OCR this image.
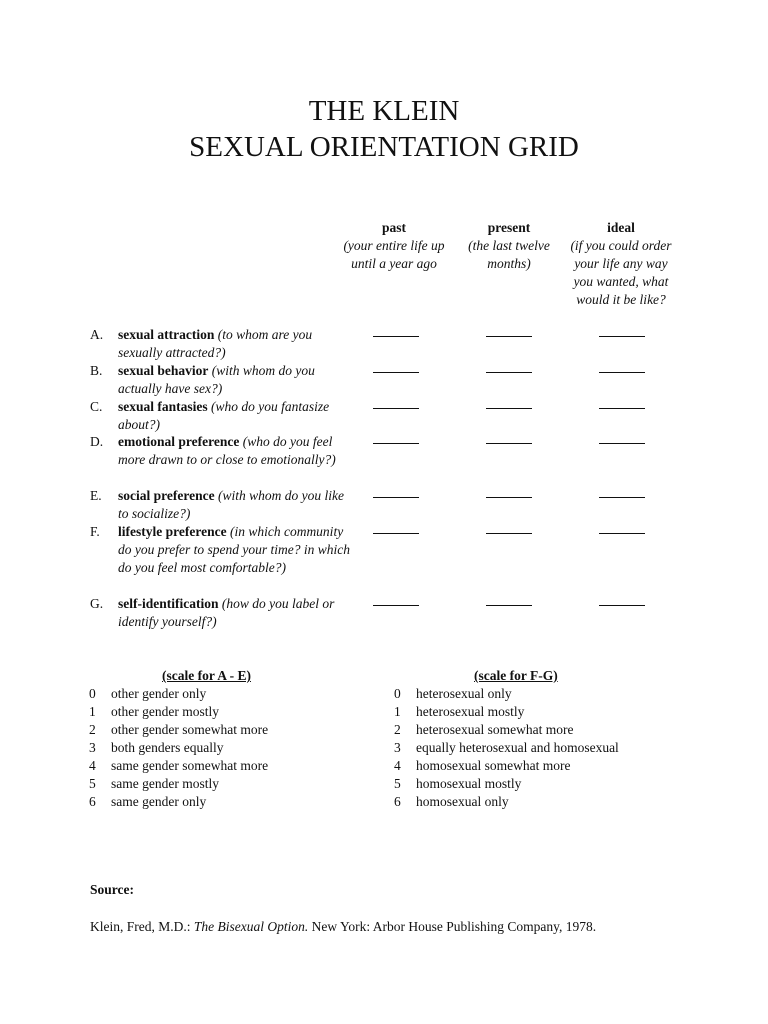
THE KLEIN
SEXUAL ORIENTATION GRID
past
(your entire life up until a year ago
present
(the last twelve months)
ideal
(if you could order your life any way you wanted, what would it be like?
A. sexual attraction (to whom are you sexually attracted?)
B. sexual behavior (with whom do you actually have sex?)
C. sexual fantasies (who do you fantasize about?)
D. emotional preference (who do you feel more drawn to or close to emotionally?)
E. social preference (with whom do you like to socialize?)
F. lifestyle preference (in which community do you prefer to spend your time? in which do you feel most comfortable?)
G. self-identification (how do you label or identify yourself?)
(scale for A - E)	(scale for F-G)
0 other gender only
1 other gender mostly
2 other gender somewhat more
3 both genders equally
4 same gender somewhat more
5 same gender mostly
6 same gender only
0 heterosexual only
1 heterosexual mostly
2 heterosexual somewhat more
3 equally heterosexual and homosexual
4 homosexual somewhat more
5 homosexual mostly
6 homosexual only
Source:
Klein, Fred, M.D.: The Bisexual Option. New York: Arbor House Publishing Company, 1978.
